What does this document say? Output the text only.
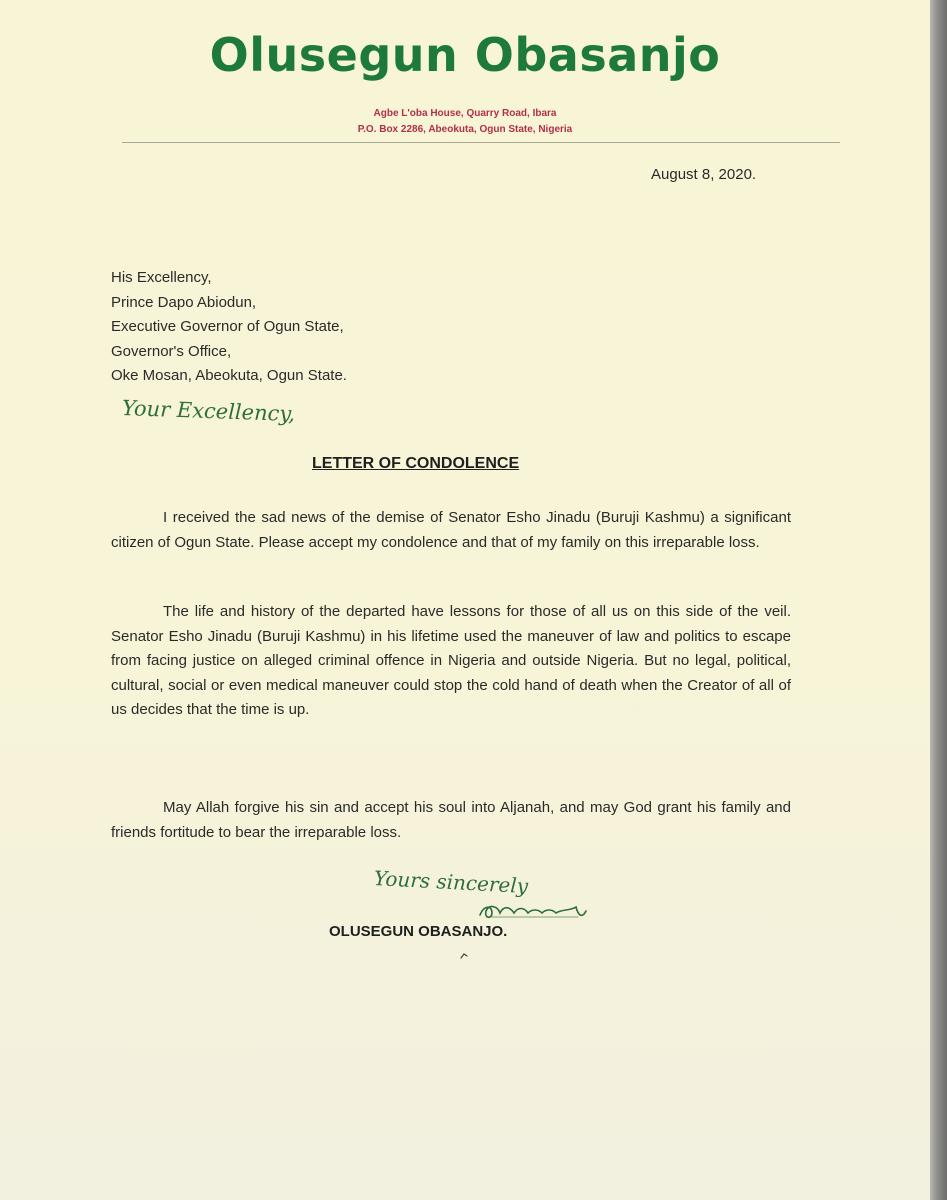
Olusegun Obasanjo

Agbe L'oba House, Quarry Road, Ibara

P.O. Box 2286, Abeokuta, Ogun State, Nigeria

August 8, 2020.
His Excellency,
Prince Dapo Abiodun,
Executive Governor of Ogun State,
Governor's Office,
Oke Mosan, Abeokuta, Ogun State.
Your Excellency,
LETTER OF CONDOLENCE

I received the sad news of the demise of Senator Esho Jinadu (Buruji Kashmu) a significant citizen of Ogun State. Please accept my condolence and that of my family on this irreparable loss.

The life and history of the departed have lessons for those of all us on this side of the veil. Senator Esho Jinadu (Buruji Kashmu) in his lifetime used the maneuver of law and politics to escape from facing justice on alleged criminal offence in Nigeria and outside Nigeria. But no legal, political, cultural, social or even medical maneuver could stop the cold hand of death when the Creator of all of us decides that the time is up.

May Allah forgive his sin and accept his soul into Aljanah, and may God grant his family and friends fortitude to bear the irreparable loss.

Yours sincerely
OLUSEGUN OBASANJO.
